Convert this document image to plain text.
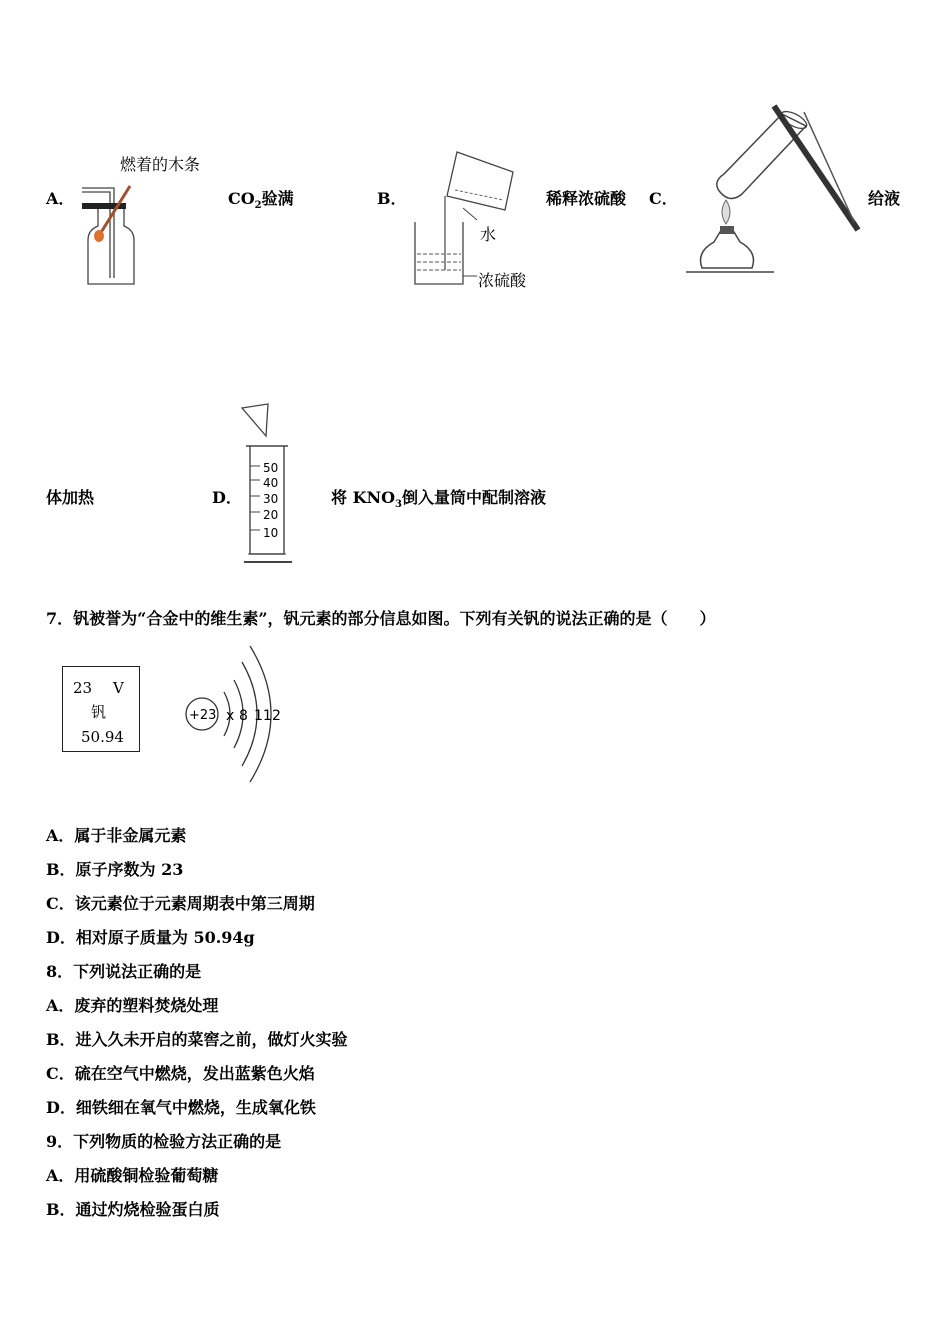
A．
燃着的木条
$CO_2$验满	B．
水
浓硫酸
稀释浓硫酸 C．	给液
体加热	D．
50
40
30
20
10
将 $KNO_3$倒入量筒中配制溶液
7．钒被誉为“合金中的维生素”，钒元素的部分信息如图。下列有关钒的说法正确的是（　　）
23 V
钒
50.94
+23 x 8 11 2
A．属于非金属元素
B．原子序数为 23
C．该元素位于元素周期表中第三周期
D．相对原子质量为 50.94g
8．下列说法正确的是
A．废弃的塑料焚烧处理
B．进入久未开启的菜窖之前，做灯火实验
C．硫在空气中燃烧，发出蓝紫色火焰
D．细铁细在氧气中燃烧，生成氧化铁
9．下列物质的检验方法正确的是
A．用硫酸铜检验葡萄糖
B．通过灼烧检验蛋白质
